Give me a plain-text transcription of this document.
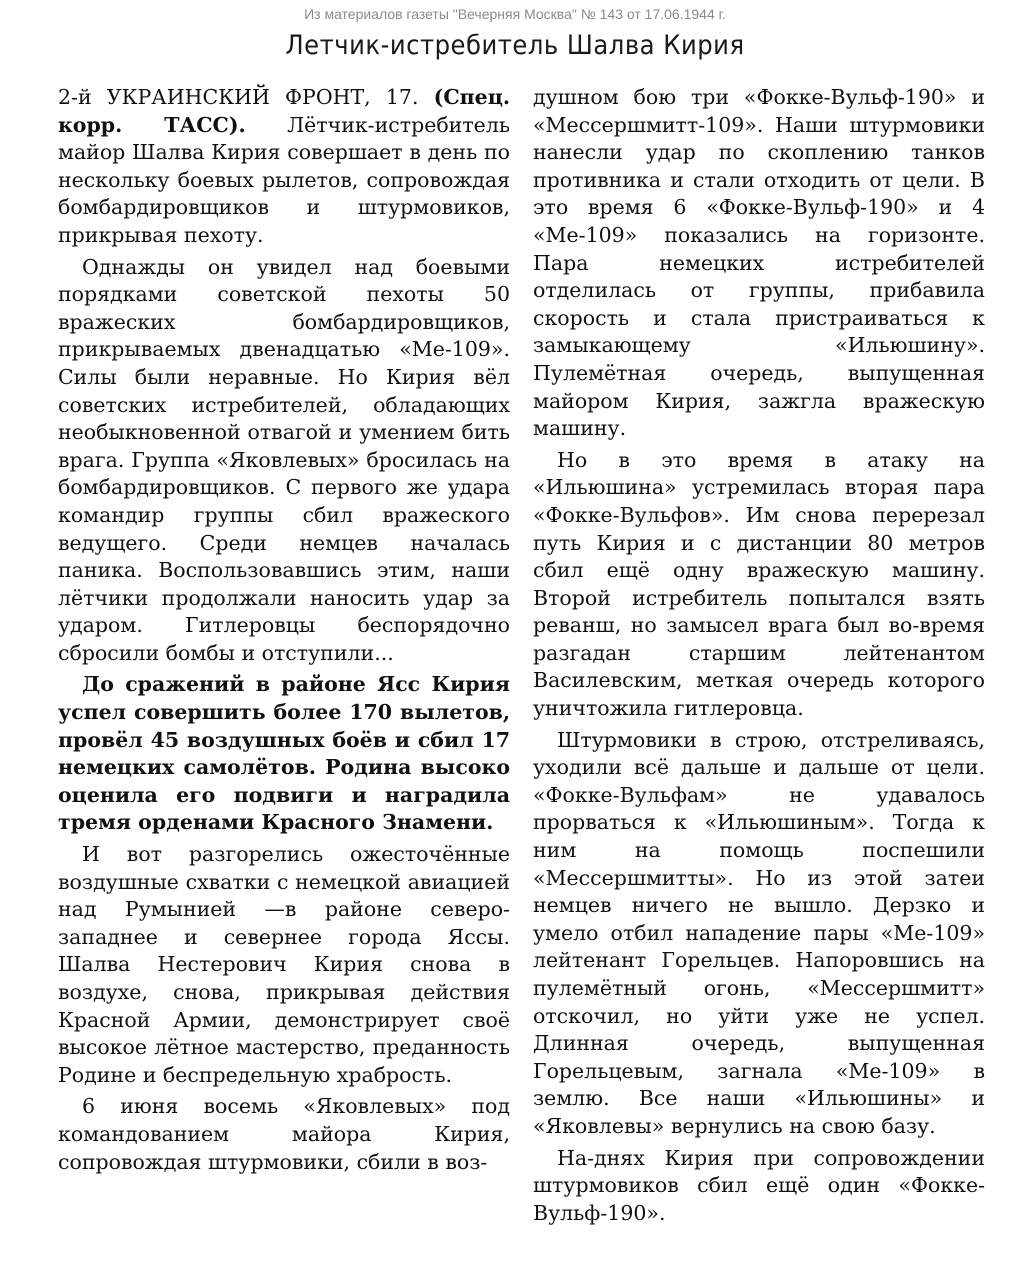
Из материалов газеты "Вечерняя Москва" № 143 от 17.06.1944 г.
Летчик-истребитель Шалва Кирия

2-й УКРАИНСКИЙ ФРОНТ, 17. (Спец. корр. ТАСС). Лётчик-истребитель майор Шалва Кирия совершает в день по нескольку боевых рылетов, сопровождая бомбардировщиков и штурмовиков, прикрывая пехоту.

Однажды он увидел над боевыми порядками советской пехоты 50 вражеских бомбардировщиков, прикрываемых двенадцатью «Ме-109». Силы были неравные. Но Кирия вёл советских истребителей, обладающих необыкновенной отвагой и умением бить врага. Группа «Яковлевых» бросилась на бомбардировщиков. С первого же удара командир группы сбил вражеского ведущего. Среди немцев началась паника. Воспользовавшись этим, наши лётчики продолжали наносить удар за ударом. Гитлеровцы беспорядочно сбросили бомбы и отступили...

До сражений в районе Ясс Кирия успел совершить более 170 вылетов, провёл 45 воздушных боёв и сбил 17 немецких самолётов. Родина высоко оценила его подвиги и наградила тремя орденами Красного Знамени.

И вот разгорелись ожесточённые воздушные схватки с немецкой авиацией над Румынией —в районе северо-западнее и севернее города Яссы. Шалва Нестерович Кирия снова в воздухе, снова, прикрывая действия Красной Армии, демонстрирует своё высокое лётное мастерство, преданность Родине и беспредельную храбрость.

6 июня восемь «Яковлевых» под командованием майора Кирия, сопровождая штурмовики, сбили в воз-

душном бою три «Фокке-Вульф-190» и «Мессершмитт-109». Наши штурмовики нанесли удар по скоплению танков противника и стали отходить от цели. В это время 6 «Фокке-Вульф-190» и 4 «Ме-109» показались на горизонте. Пара немецких истребителей отделилась от группы, прибавила скорость и стала пристраиваться к замыкающему «Ильюшину». Пулемётная очередь, выпущенная майором Кирия, зажгла вражескую машину.

Но в это время в атаку на «Ильюшина» устремилась вторая пара «Фокке-Вульфов». Им снова перерезал путь Кирия и с дистанции 80 метров сбил ещё одну вражескую машину. Второй истребитель попытался взять реванш, но замысел врага был во-время разгадан старшим лейтенантом Василевским, меткая очередь которого уничтожила гитлеровца.

Штурмовики в строю, отстреливаясь, уходили всё дальше и дальше от цели. «Фокке-Вульфам» не удавалось прорваться к «Ильюшиным». Тогда к ним на помощь поспешили «Мессершмитты». Но из этой затеи немцев ничего не вышло. Дерзко и умело отбил нападение пары «Ме-109» лейтенант Горельцев. Напоровшись на пулемётный огонь, «Мессершмитт» отскочил, но уйти уже не успел. Длинная очередь, выпущенная Горельцевым, загнала «Ме-109» в землю. Все наши «Ильюшины» и «Яковлевы» вернулись на свою базу.

На-днях Кирия при сопровождении штурмовиков сбил ещё один «Фокке-Вульф-190».
